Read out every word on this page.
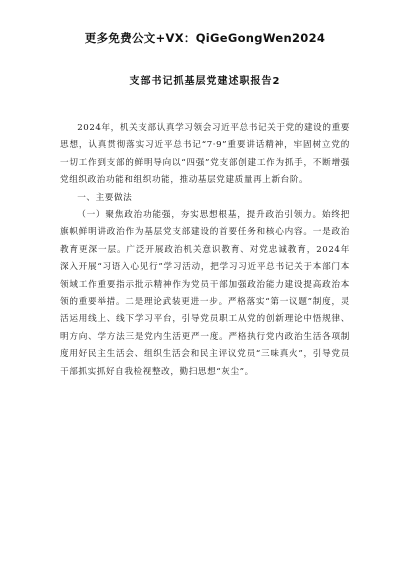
更多免费公文+VX：QiGeGongWen2024
支部书记抓基层党建述职报告2

2024年，机关支部认真学习领会习近平总书记关于党的建设的重要思想，认真贯彻落实习近平总书记“7·9”重要讲话精神，牢固树立党的一切工作到支部的鲜明导向以“四强”党支部创建工作为抓手，不断增强党组织政治功能和组织功能，推动基层党建质量再上新台阶。

一、主要做法

（一）聚焦政治功能强，夯实思想根基，提升政治引领力。始终把旗帜鲜明讲政治作为基层党支部建设的首要任务和核心内容。一是政治教育更深一层。广泛开展政治机关意识教育、对党忠诚教育，2024年深入开展“习语入心见行”学习活动，把学习习近平总书记关于本部门本领域工作重要指示批示精神作为党员干部加强政治能力建设提高政治本领的重要举措。二是理论武装更进一步。严格落实“第一议题”制度，灵活运用线上、线下学习平台，引导党员职工从党的创新理论中悟规律、明方向、学方法三是党内生活更严一度。严格执行党内政治生活各项制度用好民主生活会、组织生活会和民主评议党员“三味真火”，引导党员干部抓实抓好自我检视整改，勤扫思想“灰尘”。
